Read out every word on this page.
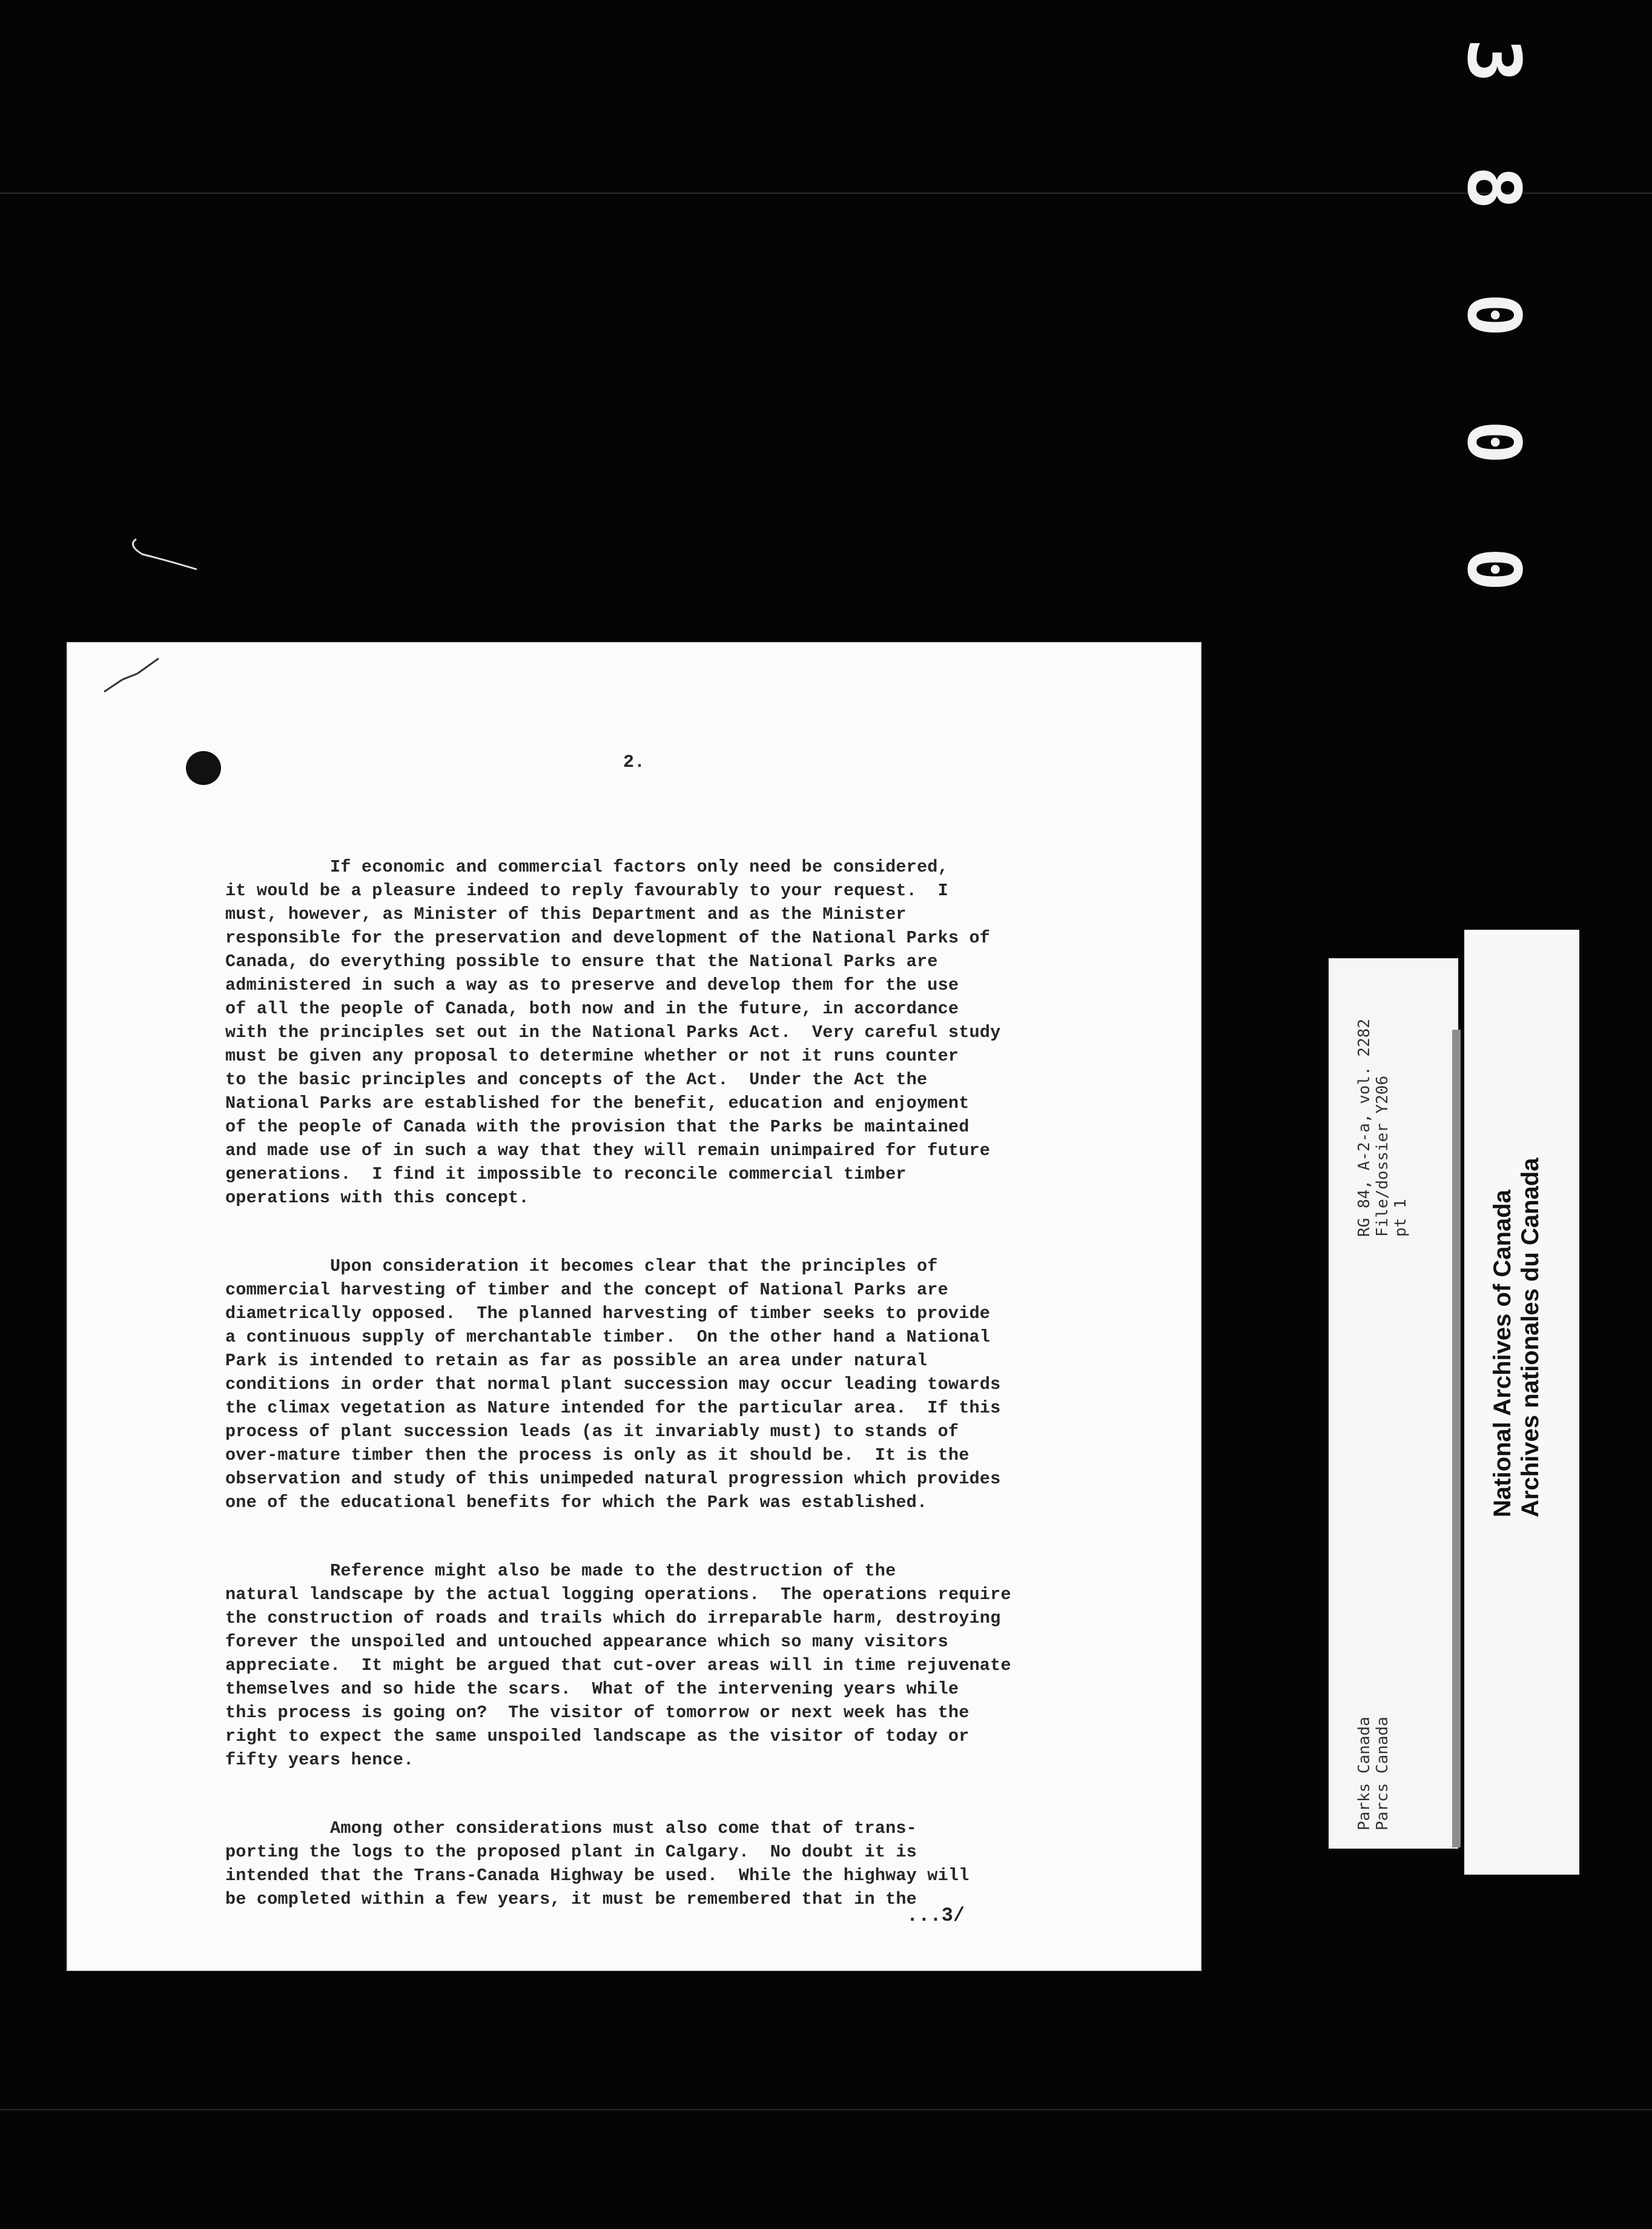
3
8
0
0
0
2.
If economic and commercial factors only need be considered,
it would be a pleasure indeed to reply favourably to your request.  I
must, however, as Minister of this Department and as the Minister
responsible for the preservation and development of the National Parks of
Canada, do everything possible to ensure that the National Parks are
administered in such a way as to preserve and develop them for the use
of all the people of Canada, both now and in the future, in accordance
with the principles set out in the National Parks Act.  Very careful study
must be given any proposal to determine whether or not it runs counter
to the basic principles and concepts of the Act.  Under the Act the
National Parks are established for the benefit, education and enjoyment
of the people of Canada with the provision that the Parks be maintained
and made use of in such a way that they will remain unimpaired for future
generations.  I find it impossible to reconcile commercial timber
operations with this concept.
Upon consideration it becomes clear that the principles of
commercial harvesting of timber and the concept of National Parks are
diametrically opposed.  The planned harvesting of timber seeks to provide
a continuous supply of merchantable timber.  On the other hand a National
Park is intended to retain as far as possible an area under natural
conditions in order that normal plant succession may occur leading towards
the climax vegetation as Nature intended for the particular area.  If this
process of plant succession leads (as it invariably must) to stands of
over-mature timber then the process is only as it should be.  It is the
observation and study of this unimpeded natural progression which provides
one of the educational benefits for which the Park was established.
Reference might also be made to the destruction of the
natural landscape by the actual logging operations.  The operations require
the construction of roads and trails which do irreparable harm, destroying
forever the unspoiled and untouched appearance which so many visitors
appreciate.  It might be argued that cut-over areas will in time rejuvenate
themselves and so hide the scars.  What of the intervening years while
this process is going on?  The visitor of tomorrow or next week has the
right to expect the same unspoiled landscape as the visitor of today or
fifty years hence.
Among other considerations must also come that of trans-
porting the logs to the proposed plant in Calgary.  No doubt it is
intended that the Trans-Canada Highway be used.  While the highway will
be completed within a few years, it must be remembered that in the
...3/
RG 84, A-2-a, vol. 2282 File/dossier Y206 pt 1
Parks Canada Parcs Canada
National Archives of Canada Archives nationales du Canada
